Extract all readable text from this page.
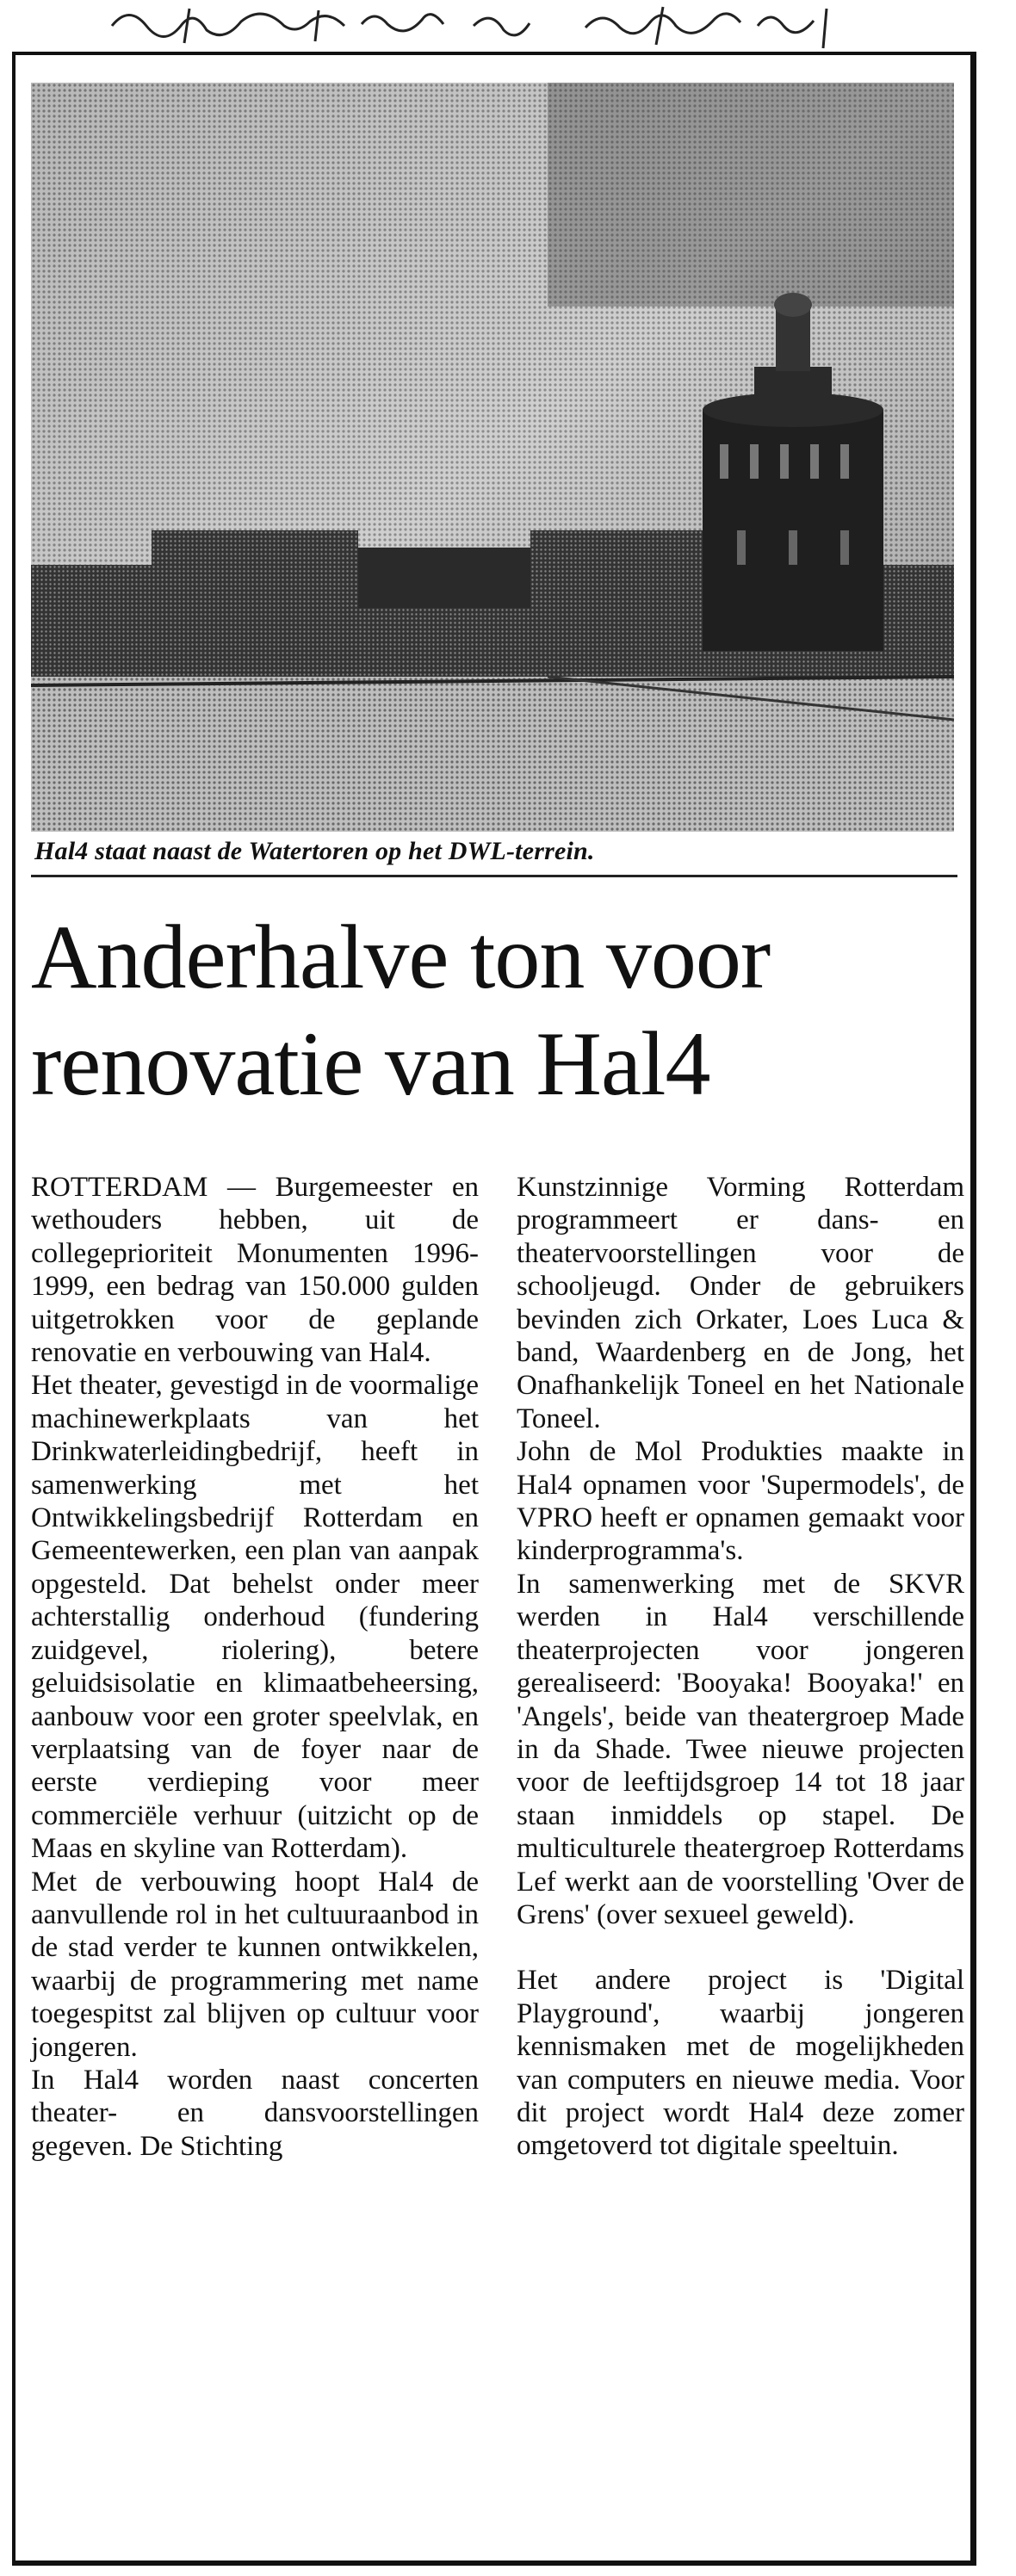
Hal4 staat naast de Watertoren op het DWL-terrein.
Anderhalve ton voor
renovatie van Hal4

ROTTERDAM — Burgemeester en wethouders hebben, uit de collegeprioriteit Monumenten 1996-1999, een bedrag van 150.000 gulden uitgetrokken voor de geplande renovatie en verbouwing van Hal4.

Het theater, gevestigd in de voormalige machinewerkplaats van het Drinkwaterleidingbedrijf, heeft in samenwerking met het Ontwikkelingsbedrijf Rotterdam en Gemeentewerken, een plan van aanpak opgesteld. Dat behelst onder meer achterstallig onderhoud (fundering zuidgevel, riolering), betere geluidsisolatie en klimaatbeheersing, aanbouw voor een groter speelvlak, en verplaatsing van de foyer naar de eerste verdieping voor meer commerciële verhuur (uitzicht op de Maas en skyline van Rotterdam).

Met de verbouwing hoopt Hal4 de aanvullende rol in het cultuuraanbod in de stad verder te kunnen ontwikkelen, waarbij de programmering met name toegespitst zal blijven op cultuur voor jongeren.

In Hal4 worden naast concerten theater- en dansvoorstellingen gegeven. De Stichting

Kunstzinnige Vorming Rotterdam programmeert er dans- en theatervoorstellingen voor de schooljeugd. Onder de gebruikers bevinden zich Orkater, Loes Luca & band, Waardenberg en de Jong, het Onafhankelijk Toneel en het Nationale Toneel.

John de Mol Produkties maakte in Hal4 opnamen voor 'Supermodels', de VPRO heeft er opnamen gemaakt voor kinderprogramma's.

In samenwerking met de SKVR werden in Hal4 verschillende theaterprojecten voor jongeren gerealiseerd: 'Booyaka! Booyaka!' en 'Angels', beide van theatergroep Made in da Shade. Twee nieuwe projecten voor de leeftijdsgroep 14 tot 18 jaar staan inmiddels op stapel. De multiculturele theatergroep Rotterdams Lef werkt aan de voorstelling 'Over de Grens' (over sexueel geweld).

Het andere project is 'Digital Playground', waarbij jongeren kennismaken met de mogelijkheden van computers en nieuwe media. Voor dit project wordt Hal4 deze zomer omgetoverd tot digitale speeltuin.
